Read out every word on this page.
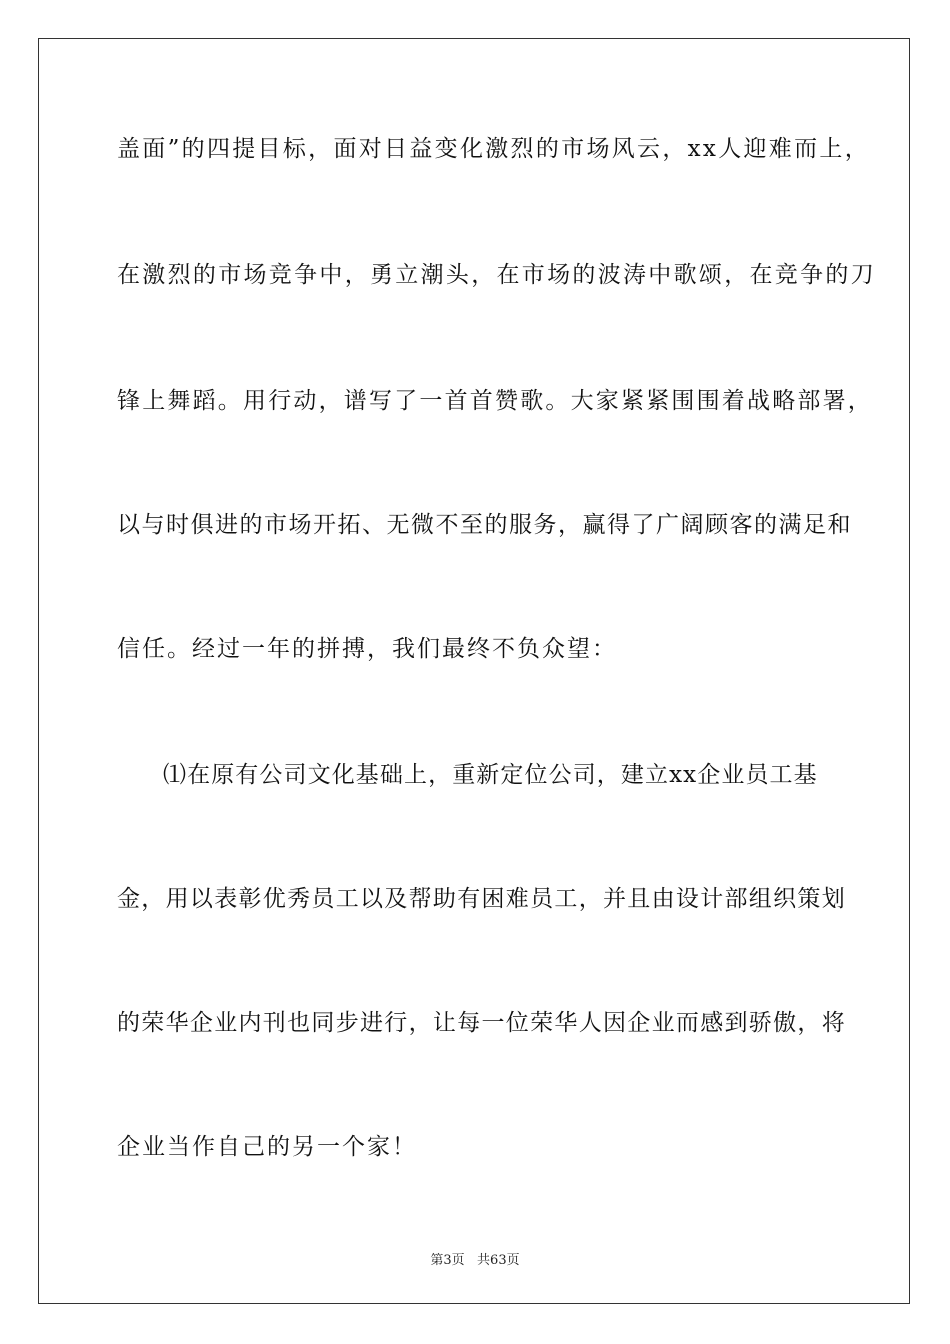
盖面”的四提目标，面对日益变化激烈的市场风云，xx人迎难而上，
在激烈的市场竞争中，勇立潮头，在市场的波涛中歌颂，在竞争的刀
锋上舞蹈。用行动，谱写了一首首赞歌。大家紧紧围围着战略部署，
以与时俱进的市场开拓、无微不至的服务，赢得了广阔顾客的满足和
信任。经过一年的拼搏，我们最终不负众望：
⑴在原有公司文化基础上，重新定位公司，建立xx企业员工基
金，用以表彰优秀员工以及帮助有困难员工，并且由设计部组织策划
的荣华企业内刊也同步进行，让每一位荣华人因企业而感到骄傲，将
企业当作自己的另一个家！
第3页   共63页
